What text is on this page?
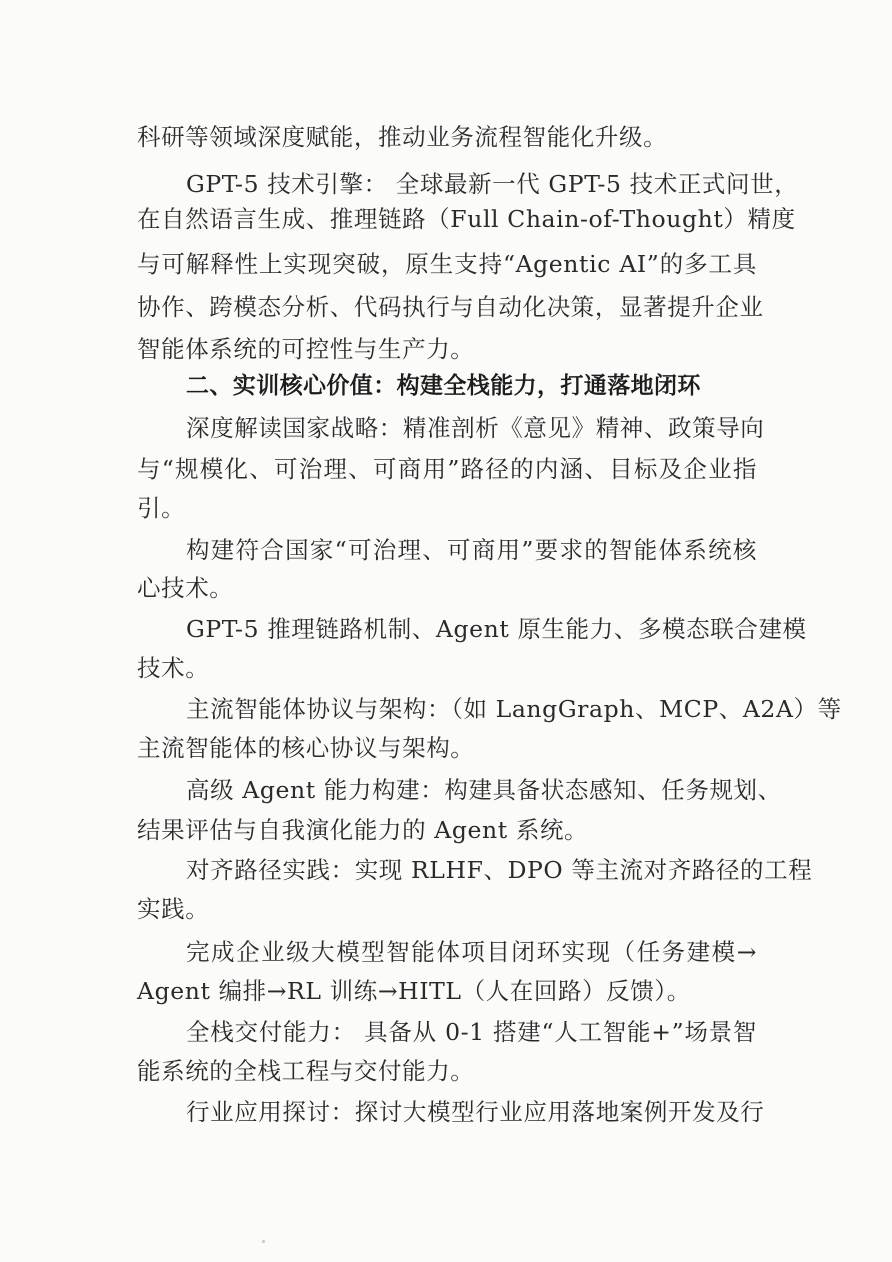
科研等领域深度赋能，推动业务流程智能化升级。
GPT-5 技术引擎： 全球最新一代 GPT-5 技术正式问世，
在自然语言生成、推理链路（Full Chain-of-Thought）精度
与可解释性上实现突破，原生支持“Agentic AI”的多工具
协作、跨模态分析、代码执行与自动化决策，显著提升企业
智能体系统的可控性与生产力。
二、实训核心价值：构建全栈能力，打通落地闭环
深度解读国家战略：精准剖析《意见》精神、政策导向
与“规模化、可治理、可商用”路径的内涵、目标及企业指
引。
构建符合国家“可治理、可商用”要求的智能体系统核
心技术。
GPT-5 推理链路机制、Agent 原生能力、多模态联合建模
技术。
主流智能体协议与架构：（如 LangGraph、MCP、A2A）等
主流智能体的核心协议与架构。
高级 Agent 能力构建：构建具备状态感知、任务规划、
结果评估与自我演化能力的 Agent 系统。
对齐路径实践：实现 RLHF、DPO 等主流对齐路径的工程
实践。
完成企业级大模型智能体项目闭环实现（任务建模→
Agent 编排→RL 训练→HITL（人在回路）反馈）。
全栈交付能力： 具备从 0-1 搭建“人工智能+”场景智
能系统的全栈工程与交付能力。
行业应用探讨：探讨大模型行业应用落地案例开发及行
